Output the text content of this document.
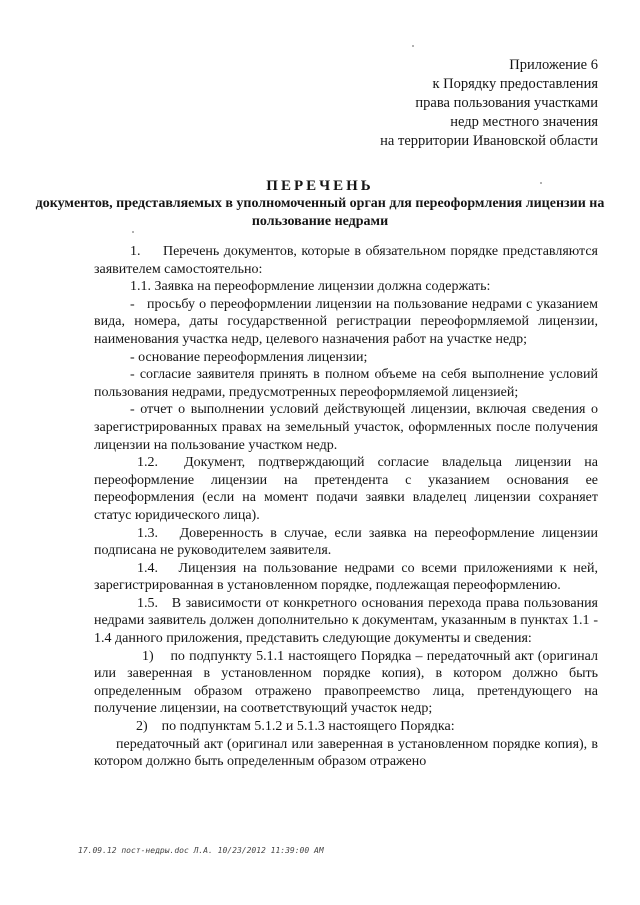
Приложение 6
к Порядку предоставления
права пользования участками
недр местного значения
на территории Ивановской области
ПЕРЕЧЕНЬ
документов, представляемых в уполномоченный орган для переоформления лицензии на пользование недрами
1.     Перечень документов, которые в обязательном порядке представляются заявителем самостоятельно:
1.1. Заявка на переоформление лицензии должна содержать:
-   просьбу о переоформлении лицензии на пользование недрами с указанием вида, номера, даты государственной регистрации переоформляемой лицензии, наименования участка недр, целевого назначения работ на участке недр;
- основание переоформления лицензии;
- согласие заявителя принять в полном объеме на себя выполнение условий пользования недрами, предусмотренных переоформляемой лицензией;
- отчет о выполнении условий действующей лицензии, включая сведения о зарегистрированных правах на земельный участок, оформленных после получения лицензии на пользование участком недр.
1.2.  Документ, подтверждающий согласие владельца лицензии на переоформление лицензии на претендента с указанием основания ее переоформления (если на момент подачи заявки владелец лицензии сохраняет статус юридического лица).
1.3.   Доверенность в случае, если заявка на переоформление лицензии подписана не руководителем заявителя.
1.4.   Лицензия на пользование недрами со всеми приложениями к ней, зарегистрированная в установленном порядке, подлежащая переоформлению.
1.5.   В зависимости от конкретного основания перехода права пользования недрами заявитель должен дополнительно к документам, указанным в пунктах 1.1 - 1.4 данного приложения, представить следующие документы и сведения:
1)    по подпункту 5.1.1 настоящего Порядка – передаточный акт (оригинал или заверенная в установленном порядке копия), в котором должно быть определенным образом отражено правопреемство лица, претендующего на получение лицензии, на соответствующий участок недр;
2)    по подпунктам 5.1.2 и 5.1.3 настоящего Порядка:
передаточный акт (оригинал или заверенная в установленном порядке копия), в котором должно быть определенным образом отражено
17.09.12 пост-недры.doc Л.А. 10/23/2012 11:39:00 AM
